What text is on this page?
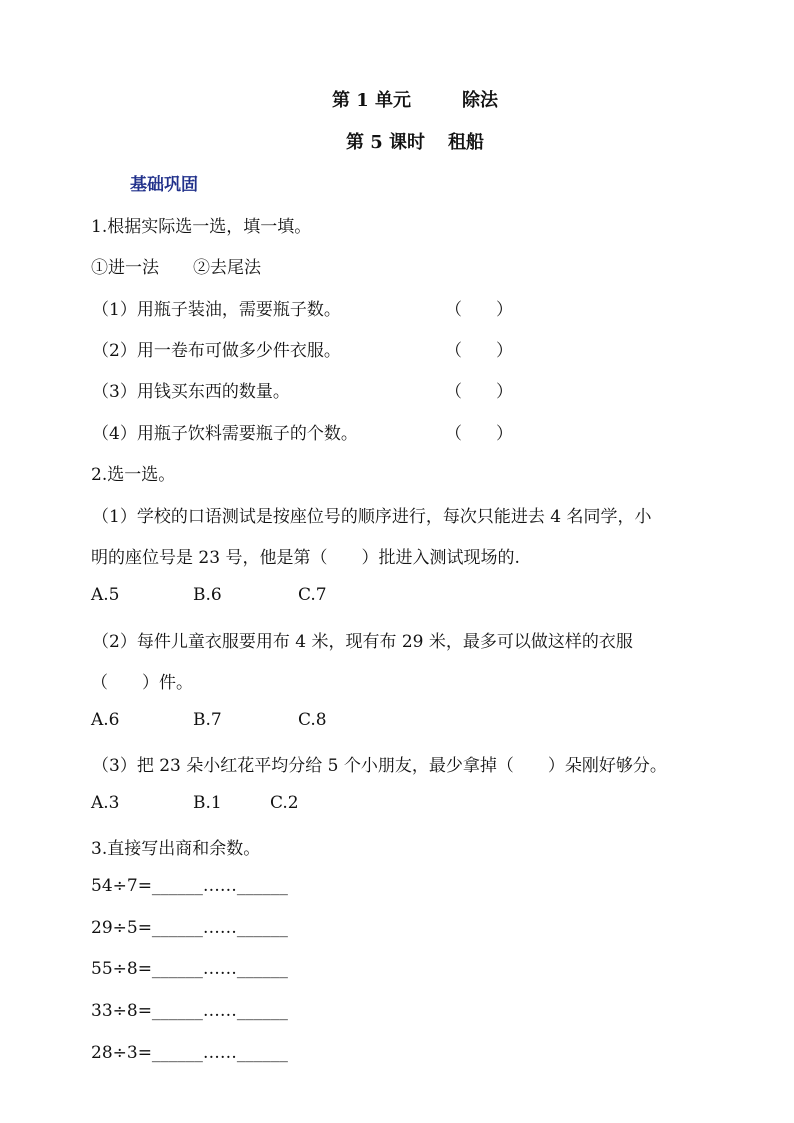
第 1 单元	除法
第 5 课时 租船
基础巩固
1.根据实际选一选，填一填。
①进一法　　②去尾法
（1）用瓶子装油，需要瓶子数。	（　　）
（2）用一卷布可做多少件衣服。	（　　）
（3）用钱买东西的数量。	（　　）
（4）用瓶子饮料需要瓶子的个数。	（　　）
2.选一选。
（1）学校的口语测试是按座位号的顺序进行，每次只能进去 4 名同学，小
明的座位号是 23 号，他是第（　　）批进入测试现场的.
A.5	B.6	C.7
（2）每件儿童衣服要用布 4 米，现有布 29 米，最多可以做这样的衣服
（　　）件。
A.6	B.7	C.8
（3）把 23 朵小红花平均分给 5 个小朋友，最少拿掉（　　）朵刚好够分。
A.3	B.1	C.2
3.直接写出商和余数。
54÷7=______……______
29÷5=______……______
55÷8=______……______
33÷8=______……______
28÷3=______……______
